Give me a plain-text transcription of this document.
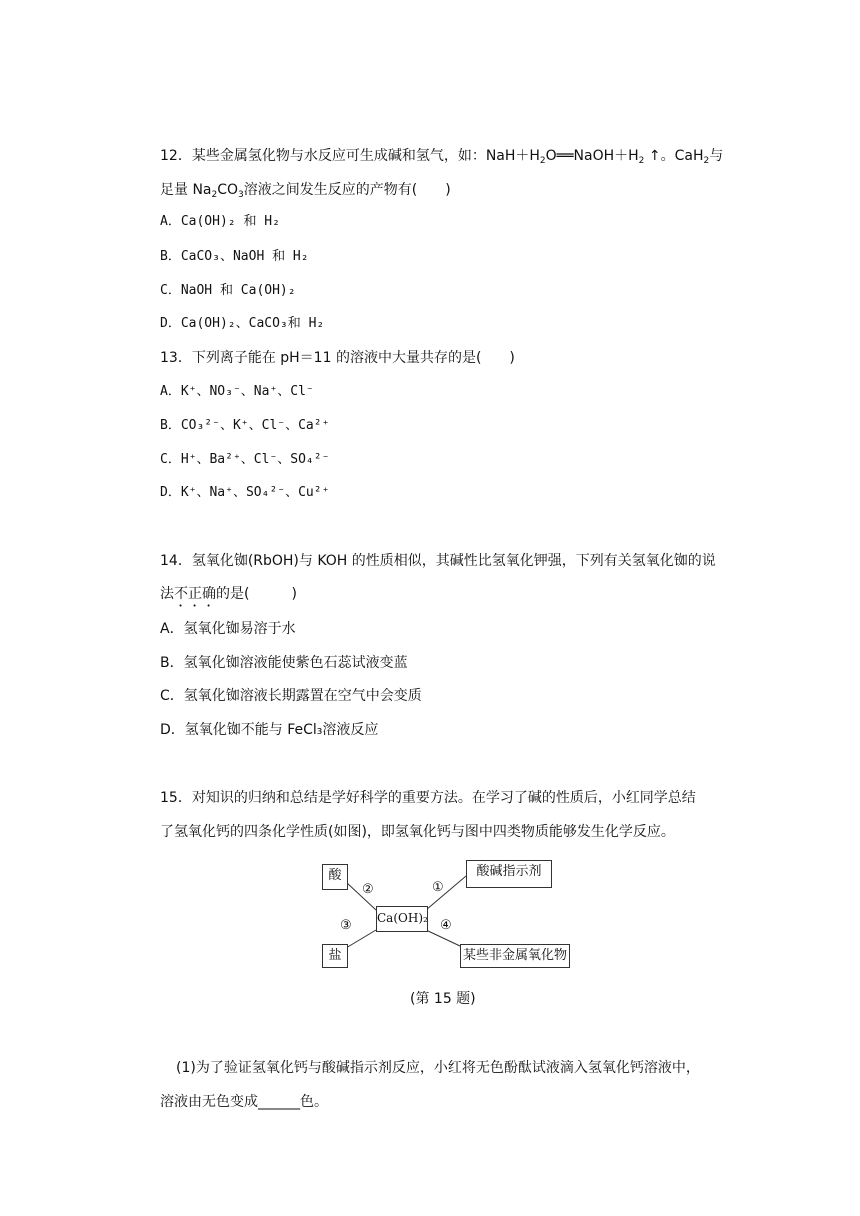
12．某些金属氢化物与水反应可生成碱和氢气，如：$NaH+H_2O══NaOH+H_2$ ↑。CaH$_2$与
足量 $Na_2CO_3$溶液之间发生反应的产物有(　　)
A．Ca(OH)₂ 和 H₂
B．CaCO₃、NaOH 和 H₂
C．NaOH 和 Ca(OH)₂
D．Ca(OH)₂、CaCO₃和 H₂
13．下列离子能在 pH＝11 的溶液中大量共存的是(　　)
A．K⁺、NO₃⁻、Na⁺、Cl⁻
B．CO₃²⁻、K⁺、Cl⁻、Ca²⁺
C．H⁺、Ba²⁺、Cl⁻、SO₄²⁻
D．K⁺、Na⁺、SO₄²⁻、Cu²⁺
14．氢氧化铷(RbOH)与 KOH 的性质相似，其碱性比氢氧化钾强，下列有关氢氧化铷的说
法不正确的是(　　　)
A．氢氧化铷易溶于水
B．氢氧化铷溶液能使紫色石蕊试液变蓝
C．氢氧化铷溶液长期露置在空气中会变质
D．氢氧化铷不能与 FeCl₃溶液反应
15．对知识的归纳和总结是学好科学的重要方法。在学习了碱的性质后，小红同学总结
了氢氧化钙的四条化学性质(如图)，即氢氧化钙与图中四类物质能够发生化学反应。
酸	酸碱指示剂
Ca(OH)₂
盐	某些非金属氧化物
②	①
③	④
(第 15 题)
(1)为了验证氢氧化钙与酸碱指示剂反应，小红将无色酚酞试液滴入氢氧化钙溶液中，
溶液由无色变成______色。
